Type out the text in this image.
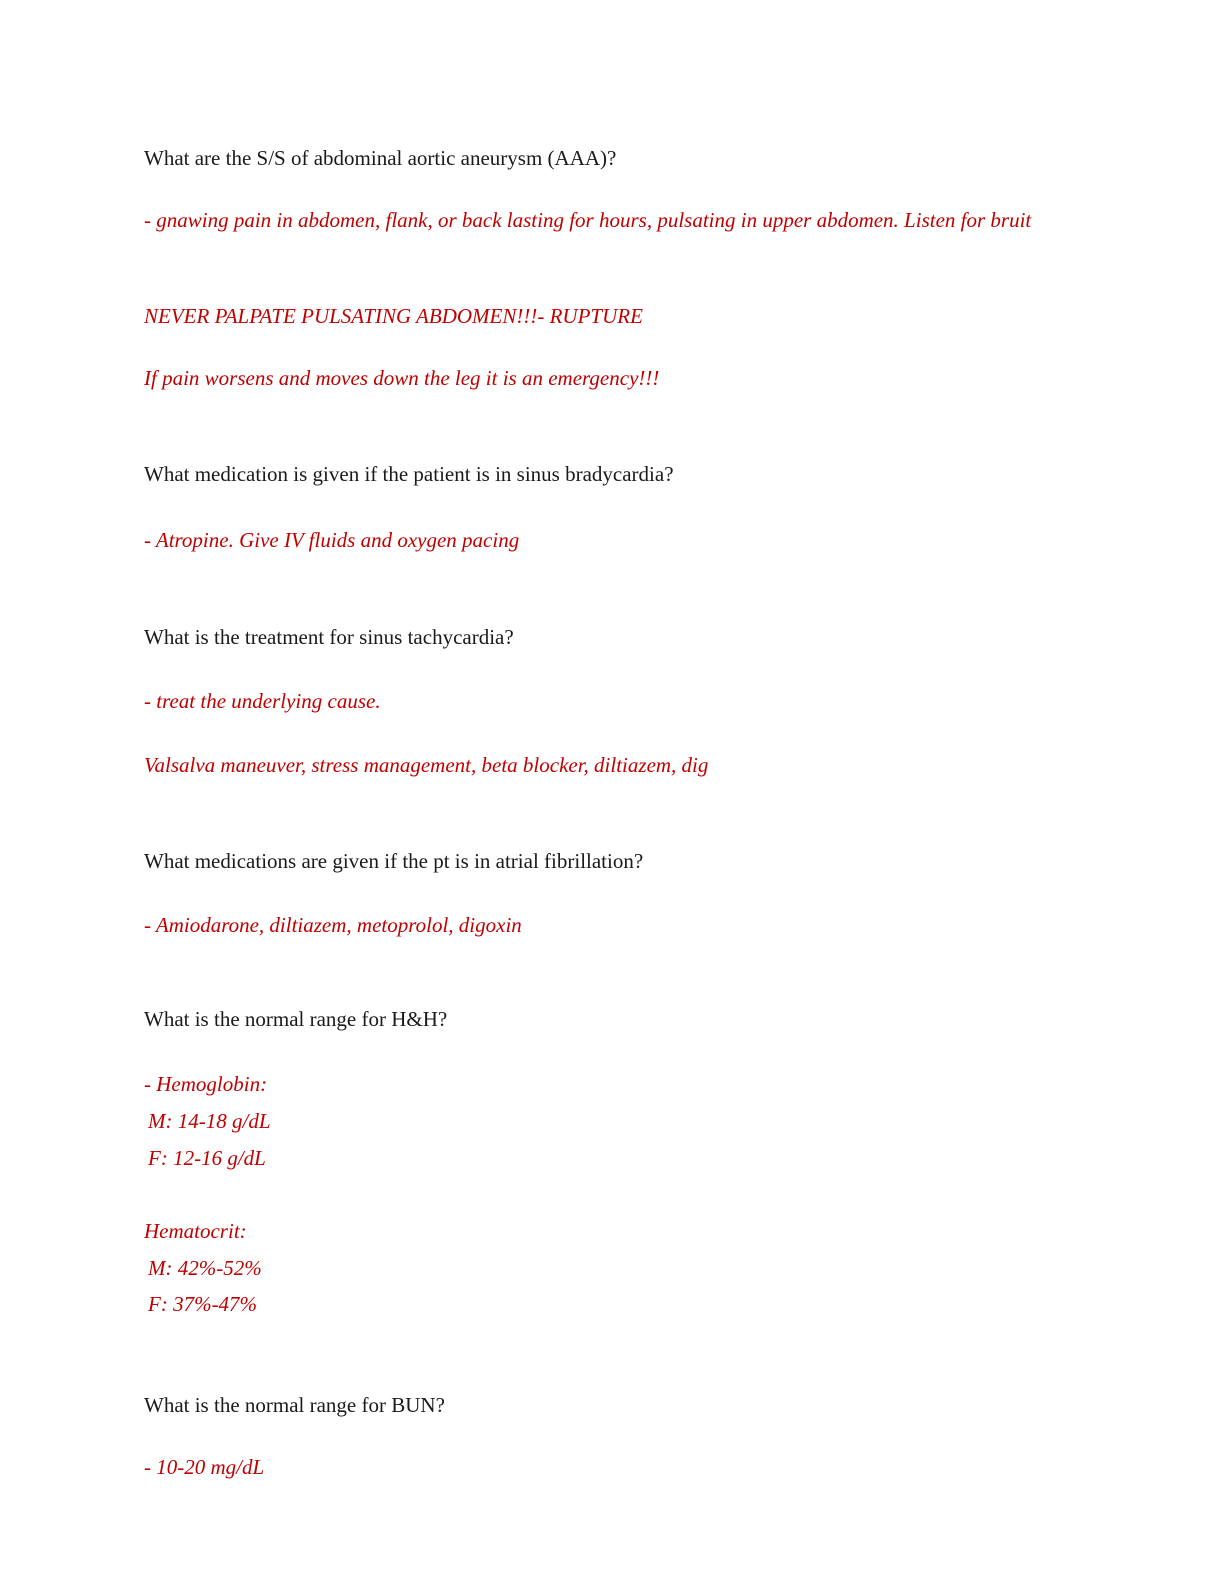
What are the S/S of abdominal aortic aneurysm (AAA)?

- gnawing pain in abdomen, flank, or back lasting for hours, pulsating in upper abdomen. Listen for bruit

NEVER PALPATE PULSATING ABDOMEN!!!- RUPTURE

If pain worsens and moves down the leg it is an emergency!!!

What medication is given if the patient is in sinus bradycardia?

- Atropine. Give IV fluids and oxygen pacing

What is the treatment for sinus tachycardia?

- treat the underlying cause.

Valsalva maneuver, stress management, beta blocker, diltiazem, dig

What medications are given if the pt is in atrial fibrillation?

- Amiodarone, diltiazem, metoprolol, digoxin

What is the normal range for H&H?

- Hemoglobin:

M: 14-18 g/dL

F: 12-16 g/dL

Hematocrit:

M: 42%-52%

F: 37%-47%

What is the normal range for BUN?

- 10-20 mg/dL
